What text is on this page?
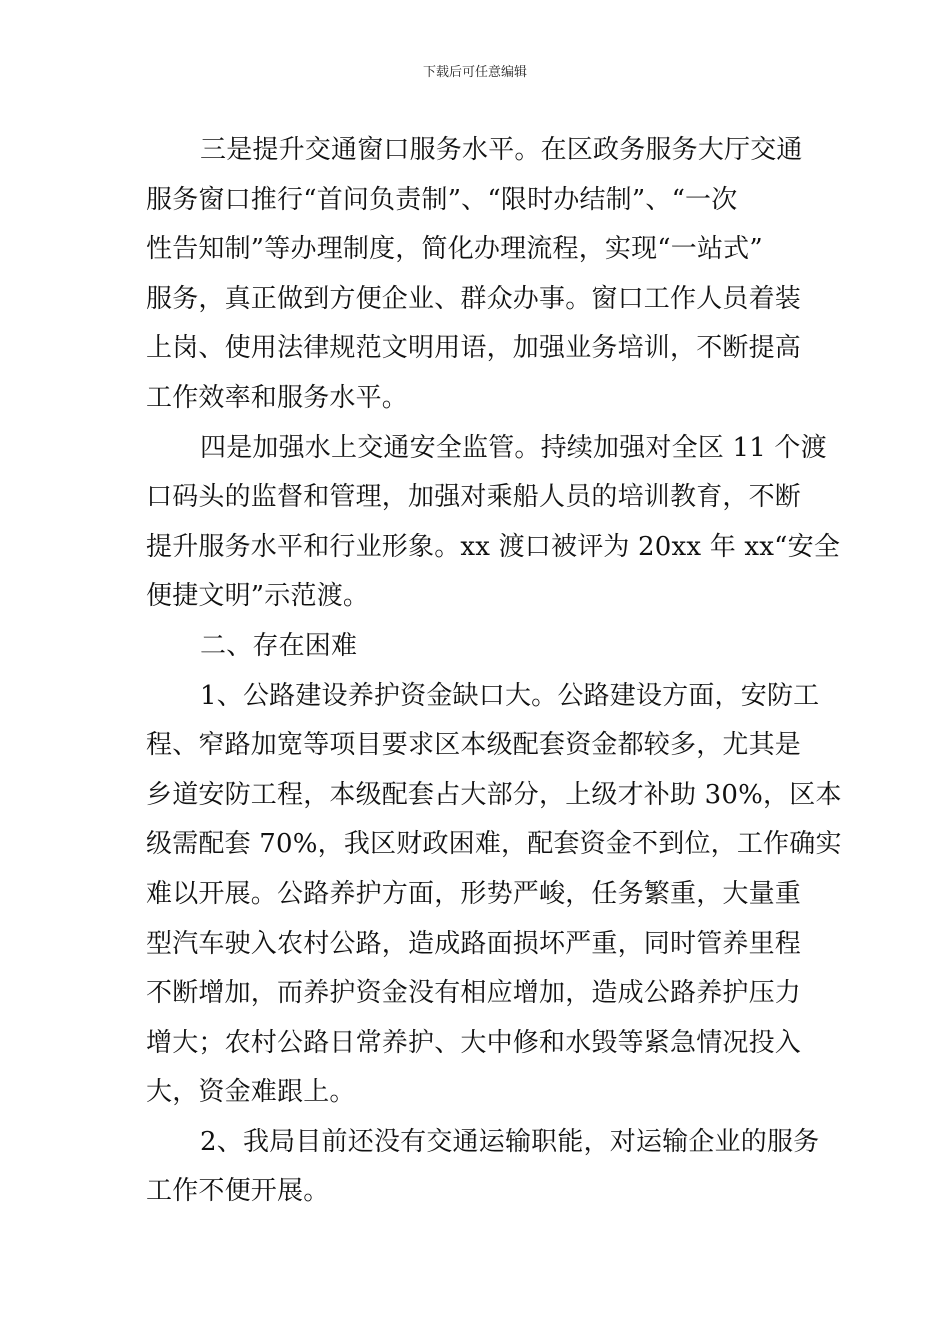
下载后可任意编辑

三是提升交通窗口服务水平。在区政务服务大厅交通
服务窗口推行“首问负责制”、“限时办结制”、“一次
性告知制”等办理制度，简化办理流程，实现“一站式”
服务，真正做到方便企业、群众办事。窗口工作人员着装
上岗、使用法律规范文明用语，加强业务培训，不断提高
工作效率和服务水平。

四是加强水上交通安全监管。持续加强对全区 11 个渡
口码头的监督和管理，加强对乘船人员的培训教育，不断
提升服务水平和行业形象。xx 渡口被评为 20xx 年 xx“安全
便捷文明”示范渡。

二、存在困难

1、公路建设养护资金缺口大。公路建设方面，安防工
程、窄路加宽等项目要求区本级配套资金都较多，尤其是
乡道安防工程，本级配套占大部分，上级才补助 30%，区本
级需配套 70%，我区财政困难，配套资金不到位，工作确实
难以开展。公路养护方面，形势严峻，任务繁重，大量重
型汽车驶入农村公路，造成路面损坏严重，同时管养里程
不断增加，而养护资金没有相应增加，造成公路养护压力
增大；农村公路日常养护、大中修和水毁等紧急情况投入
大，资金难跟上。

2、我局目前还没有交通运输职能，对运输企业的服务
工作不便开展。
